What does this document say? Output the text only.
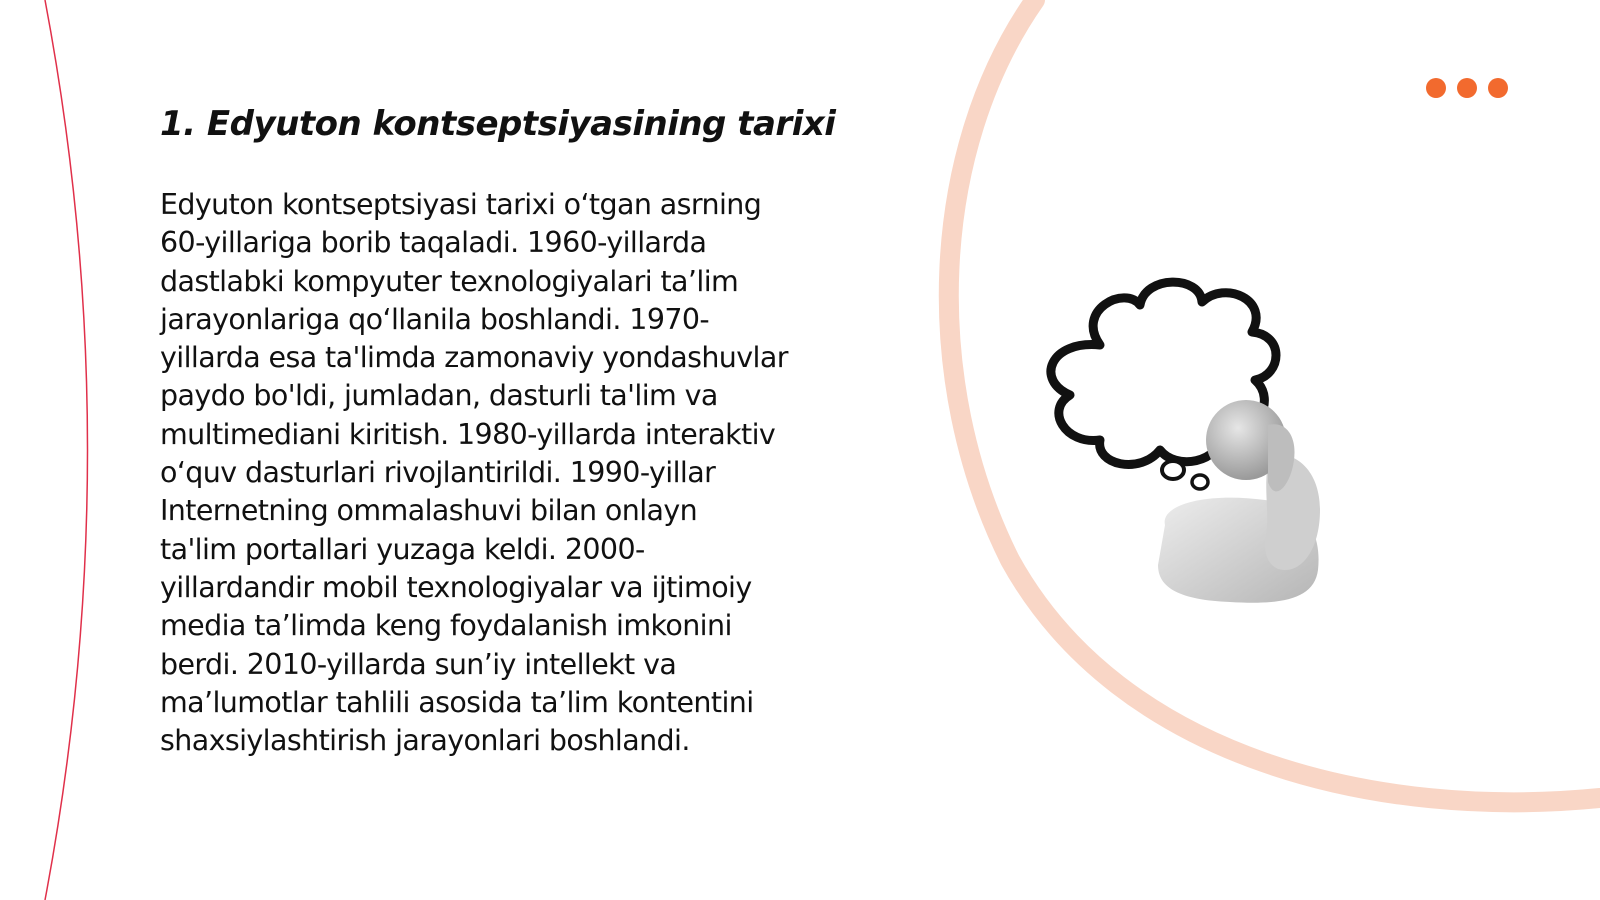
1. Edyuton kontseptsiyasining tarixi

Edyuton kontseptsiyasi tarixi o‘tgan asrning
60-yillariga borib taqaladi. 1960-yillarda
dastlabki kompyuter texnologiyalari ta’lim
jarayonlariga qo‘llanila boshlandi. 1970-
yillarda esa ta'limda zamonaviy yondashuvlar
paydo bo'ldi, jumladan, dasturli ta'lim va
multimediani kiritish. 1980-yillarda interaktiv
o‘quv dasturlari rivojlantirildi. 1990-yillar
Internetning ommalashuvi bilan onlayn
ta'lim portallari yuzaga keldi. 2000-
yillardandir mobil texnologiyalar va ijtimoiy
media ta’limda keng foydalanish imkonini
berdi. 2010-yillarda sun’iy intellekt va
ma’lumotlar tahlili asosida ta’lim kontentini
shaxsiylashtirish jarayonlari boshlandi.
